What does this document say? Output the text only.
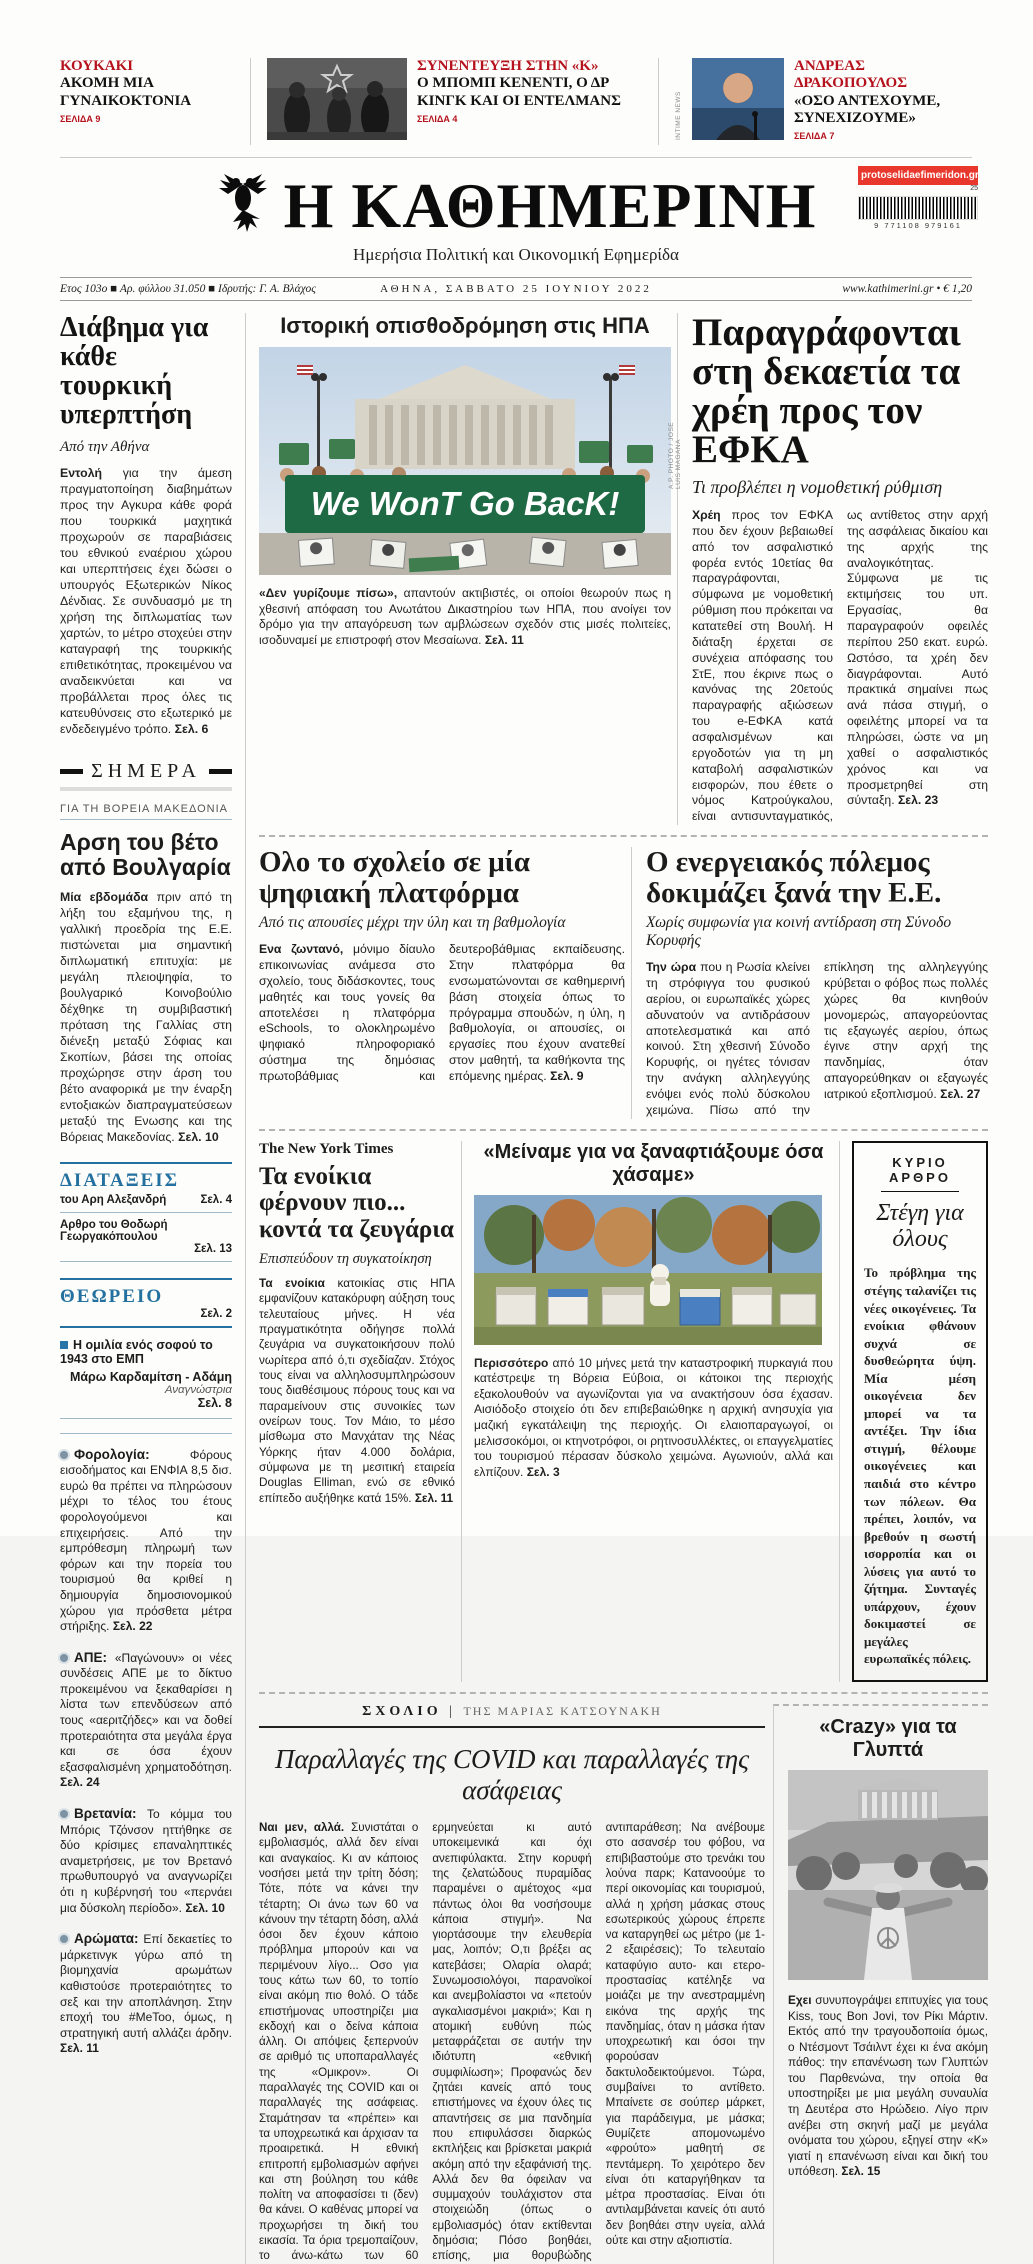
ΚΟΥΚΑΚΙ
ΑΚΟΜΗ ΜΙΑ ΓΥΝΑΙΚΟΚΤΟΝΙΑ
ΣΕΛΙΔΑ 9
ΣΥΝΕΝΤΕΥΞΗ ΣΤΗΝ «Κ»
Ο ΜΠΟΜΠ ΚΕΝΕΝΤΙ, Ο ΔΡ ΚΙΝΓΚ ΚΑΙ ΟΙ ΕΝΤΕΛΜΑΝΣ
ΣΕΛΙΔΑ 4	INTIME NEWS
ΑΝΔΡΕΑΣ ΔΡΑΚΟΠΟΥΛΟΣ
«ΟΣΟ ΑΝΤΕΧΟΥΜΕ, ΣΥΝΕΧΙΖΟΥΜΕ»
ΣΕΛΙΔΑ 7
Η ΚΑΘΗΜΕΡΙΝΗ
Ημερήσια Πολιτική και Οικονομική Εφημερίδα
protoselidaefimeridon.gr
25
9 771108 979161
Ετος 103ο ■ Αρ. φύλλου 31.050 ■ Ιδρυτής: Γ. Α. Βλάχος	ΑΘΗΝΑ, ΣΑΒΒΑΤΟ 25 ΙΟΥΝΙΟΥ 2022	www.kathimerini.gr • € 1,20
Διάβημα για κάθε τουρκική υπερπτήση
Από την Αθήνα

Εντολή για την άμεση πραγματοποίηση διαβημάτων προς την Αγκυρα κάθε φορά που τουρκικά μαχητικά προχωρούν σε παραβιάσεις του εθνικού εναέριου χώρου και υπερπτήσεις έχει δώσει ο υπουργός Εξωτερικών Νίκος Δένδιας. Σε συνδυασμό με τη χρήση της διπλωματίας των χαρτών, το μέτρο στοχεύει στην καταγραφή της τουρκικής επιθετικότητας, προκειμένου να αναδεικνύεται και να προβάλλεται προς όλες τις κατευθύνσεις στο εξωτερικό με ενδεδειγμένο τρόπο. Σελ. 6

ΣΗΜΕΡΑ
ΓΙΑ ΤΗ ΒΟΡΕΙΑ ΜΑΚΕΔΟΝΙΑ
Αρση του βέτο από Βουλγαρία

Μία εβδομάδα πριν από τη λήξη του εξαμήνου της, η γαλλική προεδρία της Ε.Ε. πιστώνεται μια σημαντική διπλωματική επιτυχία: με μεγάλη πλειοψηφία, το βουλγαρικό Κοινοβούλιο δέχθηκε τη συμβιβαστική πρόταση της Γαλλίας στη διένεξη μεταξύ Σόφιας και Σκοπίων, βάσει της οποίας προχώρησε στην άρση του βέτο αναφορικά με την έναρξη εντοξιακών διαπραγματεύσεων μεταξύ της Ενωσης και της Βόρειας Μακεδονίας. Σελ. 10

ΔΙΑΤΑΞΕΙΣ
του Αρη Αλεξανδρή	Σελ. 4
Αρθρο του Θοδωρή Γεωργακόπουλου
Σελ. 13
ΘΕΩΡΕΙΟ
Σελ. 2
Η ομιλία ενός σοφού το 1943 στο ΕΜΠ
Μάρω Καρδαμίτση - Αδάμη
Αναγνώστρια
Σελ. 8

Φορολογία:	Φόρους εισοδήματος και ΕΝΦΙΑ 8,5 δισ. ευρώ θα πρέπει να πληρώσουν μέχρι το τέλος του έτους φορολογούμενοι και επιχειρήσεις. Από την εμπρόθεσμη πληρωμή των φόρων και την πορεία του τουρισμού θα κριθεί η δημιουργία δημοσιονομικού χώρου για πρόσθετα μέτρα στήριξης. Σελ. 22

ΑΠΕ: «Παγώνουν» οι νέες συνδέσεις ΑΠΕ με το δίκτυο προκειμένου να ξεκαθαρίσει η λίστα των επενδύσεων από τους «αεριτζήδες» και να δοθεί προτεραιότητα στα μεγάλα έργα και σε όσα έχουν εξασφαλισμένη χρηματοδότηση. Σελ. 24

Βρετανία: Το κόμμα του Μπόρις Τζόνσον ηττήθηκε σε δύο κρίσιμες επαναληπτικές αναμετρήσεις, με τον Βρετανό πρωθυπουργό να αναγνωρίζει ότι η κυβέρνησή του «περνάει μια δύσκολη περίοδο». Σελ. 10

Αρώματα: Επί δεκαετίες το μάρκετινγκ γύρω από τη βιομηχανία αρωμάτων καθιστούσε προτεραιότητες το σεξ και την αποπλάνηση. Στην εποχή του #MeToo, όμως, η στρατηγική αυτή αλλάζει άρδην. Σελ. 11

Ιστορική οπισθοδρόμηση στις ΗΠΑ
We WonT Go BacK!
A.P. PHOTO / JOSE LUIS MAGANA

«Δεν γυρίζουμε πίσω», απαντούν ακτιβιστές, οι οποίοι θεωρούν πως η χθεσινή απόφαση του Ανωτάτου Δικαστηρίου των ΗΠΑ, που ανοίγει τον δρόμο για την απαγόρευση των αμβλώσεων σχεδόν στις μισές πολιτείες, ισοδυναμεί με επιστροφή στον Μεσαίωνα. Σελ. 11

Παραγράφονται στη δεκαετία τα χρέη προς τον ΕΦΚΑ
Τι προβλέπει η νομοθετική ρύθμιση

Χρέη προς τον ΕΦΚΑ που δεν έχουν βεβαιωθεί από τον ασφαλιστικό φορέα εντός 10ετίας θα παραγράφονται, σύμφωνα με νομοθετική ρύθμιση που πρόκειται να κατατεθεί στη Βουλή. Η διάταξη έρχεται σε συνέχεια απόφασης του ΣτΕ, που έκρινε πως ο κανόνας της 20ετούς παραγραφής αξιώσεων του e-ΕΦΚΑ κατά ασφαλισμένων και εργοδοτών για τη μη καταβολή ασφαλιστικών εισφορών, που έθετε ο νόμος Κατρούγκαλου, είναι αντισυνταγματικός, ως αντίθετος στην αρχή της ασφάλειας δικαίου και της αρχής της αναλογικότητας. Σύμφωνα με τις εκτιμήσεις του υπ. Εργασίας, θα παραγραφούν οφειλές περίπου 250 εκατ. ευρώ. Ωστόσο, τα χρέη δεν διαγράφονται. Αυτό πρακτικά σημαίνει πως ανά πάσα στιγμή, ο οφειλέτης μπορεί να τα πληρώσει, ώστε να μη χαθεί ο ασφαλιστικός χρόνος και να προσμετρηθεί στη σύνταξη. Σελ. 23

Ολο το σχολείο σε μία ψηφιακή πλατφόρμα
Από τις απουσίες μέχρι την ύλη και τη βαθμολογία

Ενα ζωντανό, μόνιμο δίαυλο επικοινωνίας ανάμεσα στο σχολείο, τους διδάσκοντες, τους μαθητές και τους γονείς θα αποτελέσει η πλατφόρμα eSchools, το ολοκληρωμένο ψηφιακό πληροφοριακό σύστημα της δημόσιας πρωτοβάθμιας και δευτεροβάθμιας εκπαίδευσης. Στην πλατφόρμα θα ενσωματώνονται σε καθημερινή βάση στοιχεία όπως το πρόγραμμα σπουδών, η ύλη, η βαθμολογία, οι απουσίες, οι εργασίες που έχουν ανατεθεί στον μαθητή, τα καθήκοντα της επόμενης ημέρας. Σελ. 9

Ο ενεργειακός πόλεμος δοκιμάζει ξανά την Ε.Ε.
Χωρίς συμφωνία για κοινή αντίδραση στη Σύνοδο Κορυφής

Την ώρα που η Ρωσία κλείνει τη στρόφιγγα του φυσικού αερίου, οι ευρωπαϊκές χώρες αδυνατούν να αντιδράσουν αποτελεσματικά και από κοινού. Στη χθεσινή Σύνοδο Κορυφής, οι ηγέτες τόνισαν την ανάγκη αλληλεγγύης ενόψει ενός πολύ δύσκολου χειμώνα. Πίσω από την επίκληση της αλληλεγγύης κρύβεται ο φόβος πως πολλές χώρες θα κινηθούν μονομερώς, απαγορεύοντας τις εξαγωγές αερίου, όπως έγινε στην αρχή της πανδημίας, όταν απαγορεύθηκαν οι εξαγωγές ιατρικού εξοπλισμού. Σελ. 27

The New York Times
Τα ενοίκια φέρνουν πιο... κοντά τα ζευγάρια
Επισπεύδουν τη συγκατοίκηση

Τα ενοίκια κατοικίας στις ΗΠΑ εμφανίζουν κατακόρυφη αύξηση τους τελευταίους μήνες. Η νέα πραγματικότητα οδήγησε πολλά ζευγάρια να συγκατοικήσουν πολύ νωρίτερα από ό,τι σχεδίαζαν. Στόχος τους είναι να αλληλοσυμπληρώσουν τους διαθέσιμους πόρους τους και να παραμείνουν στις συνοικίες των ονείρων τους. Τον Μάιο, το μέσο μίσθωμα στο Μανχάταν της Νέας Υόρκης ήταν 4.000 δολάρια, σύμφωνα με τη μεσιτική εταιρεία Douglas Elliman, ενώ σε εθνικό επίπεδο αυξήθηκε κατά 15%. Σελ. 11

«Μείναμε για να ξαναφτιάξουμε όσα χάσαμε»

Περισσότερο από 10 μήνες μετά την καταστροφική πυρκαγιά που κατέστρεψε τη Βόρεια Εύβοια, οι κάτοικοι της περιοχής εξακολουθούν να αγωνίζονται για να ανακτήσουν όσα έχασαν. Αισιόδοξο στοιχείο ότι δεν επιβεβαιώθηκε η αρχική ανησυχία για μαζική εγκατάλειψη της περιοχής. Οι ελαιοπαραγωγοί, οι μελισσοκόμοι, οι κτηνοτρόφοι, οι ρητινοσυλλέκτες, οι επαγγελματίες του τουρισμού πέρασαν δύσκολο χειμώνα. Αγωνιούν, αλλά και ελπίζουν. Σελ. 3

ΚΥΡΙΟ ΑΡΘΡΟ
Στέγη για όλους

Το πρόβλημα της στέγης ταλανίζει τις νέες οικογένειες. Τα ενοίκια φθάνουν συχνά σε δυσθεώρητα ύψη. Μία μέση οικογένεια δεν μπορεί να τα αντέξει. Την ίδια στιγμή, θέλουμε οικογένειες και παιδιά στο κέντρο των πόλεων. Θα πρέπει, λοιπόν, να βρεθούν η σωστή ισορροπία και οι λύσεις για αυτό το ζήτημα. Συνταγές υπάρχουν, έχουν δοκιμαστεί σε μεγάλες ευρωπαϊκές πόλεις.

ΣΧΟΛΙΟ | ΤΗΣ ΜΑΡΙΑΣ ΚΑΤΣΟΥΝΑΚΗ
Παραλλαγές της COVID και παραλλαγές της ασάφειας

Ναι μεν, αλλά. Συνιστάται ο εμβολιασμός, αλλά δεν είναι και αναγκαίος. Κι αν κάποιος νοσήσει μετά την τρίτη δόση; Τότε, πότε να κάνει την τέταρτη; Οι άνω των 60 να κάνουν την τέταρτη δόση, αλλά όσοι δεν έχουν κάποιο πρόβλημα μπορούν και να περιμένουν λίγο... Οσο για τους κάτω των 60, το τοπίο είναι ακόμη πιο θολό. Ο τάδε επιστήμονας υποστηρίζει μια εκδοχή και ο δείνα κάποια άλλη. Οι απόψεις ξεπερνούν σε αριθμό τις υποπαραλλαγές της «Ομικρον». Οι παραλλαγές της COVID και οι παραλλαγές της ασάφειας. Σταμάτησαν τα «πρέπει» και τα υποχρεωτικά και άρχισαν τα προαιρετικά. Η εθνική επιτροπή εμβολιασμών αφήνει και στη βούληση του κάθε πολίτη να αποφασίσει τι (δεν) θα κάνει. Ο καθένας μπορεί να προχωρήσει τη δική του εικασία. Τα όρια τρεμοπαίζουν, το άνω-κάτω των 60 ερμηνεύεται κι αυτό υποκειμενικά και όχι ανεπιφύλακτα. Στην κορυφή της ζελατώδους πυραμίδας παραμένει ο αμέτοχος «μα πάντως όλοι θα νοσήσουμε κάποια στιγμή». Να γιορτάσουμε την ελευθερία μας, λοιπόν; Ο,τι βρέξει ας κατεβάσει; Ολαρία ολαρά; Συνωμοσιολόγοι, παρανοϊκοί και ανεμβολίαστοι να «πετούν αγκαλιασμένοι μακριά»; Και η ατομική ευθύνη πώς μεταφράζεται σε αυτήν την ιδιότυπη «εθνική συμφιλίωση»; Προφανώς δεν ζητάει κανείς από τους επιστήμονες να έχουν όλες τις απαντήσεις σε μια πανδημία που επιφυλάσσει διαρκώς εκπλήξεις και βρίσκεται μακριά ακόμη από την εξαφάνισή της. Αλλά δεν θα όφειλαν να συμμαχούν τουλάχιστον στα στοιχειώδη (όπως ο εμβολιασμός) όταν εκτίθενται δημόσια; Πόσο βοηθάει, επίσης, μια θορυβώδης αντιπαράθεση; Να ανέβουμε στο ασανσέρ του φόβου, να επιβιβαστούμε στο τρενάκι του λούνα παρκ; Κατανοούμε το περί οικονομίας και τουρισμού, αλλά η χρήση μάσκας στους εσωτερικούς χώρους έπρεπε να καταργηθεί ως μέτρο (με 1-2 εξαιρέσεις); Το τελευταίο καταφύγιο αυτο- και ετερο-προστασίας κατέληξε να μοιάζει με την ανεστραμμένη εικόνα της αρχής της πανδημίας, όταν η μάσκα ήταν υποχρεωτική και όσοι την φορούσαν δακτυλοδεικτούμενοι. Τώρα, συμβαίνει το αντίθετο. Μπαίνετε σε σούπερ μάρκετ, για παράδειγμα, με μάσκα; Θυμίζετε απομονωμένο «φρούτο» μαθητή σε πεντάμερη. Το χειρότερο δεν είναι ότι καταργήθηκαν τα μέτρα προστασίας. Είναι ότι αντιλαμβάνεται κανείς ότι αυτό δεν βοηθάει στην υγεία, αλλά ούτε και στην αξιοπιστία.

«Crazy» για τα Γλυπτά

Εχει συνυπογράψει επιτυχίες για τους Kiss, τους Bon Jovi, τον Ρίκι Μάρτιν. Εκτός από την τραγουδοποιία όμως, ο Ντέσμοντ Τσάιλντ έχει κι ένα ακόμη πάθος: την επανένωση των Γλυπτών του Παρθενώνα, την οποία θα υποστηρίξει με μια μεγάλη συναυλία τη Δευτέρα στο Ηρώδειο. Λίγο πριν ανέβει στη σκηνή μαζί με μεγάλα ονόματα του χώρου, εξηγεί στην «Κ» γιατί η επανένωση είναι και δική του υπόθεση. Σελ. 15
